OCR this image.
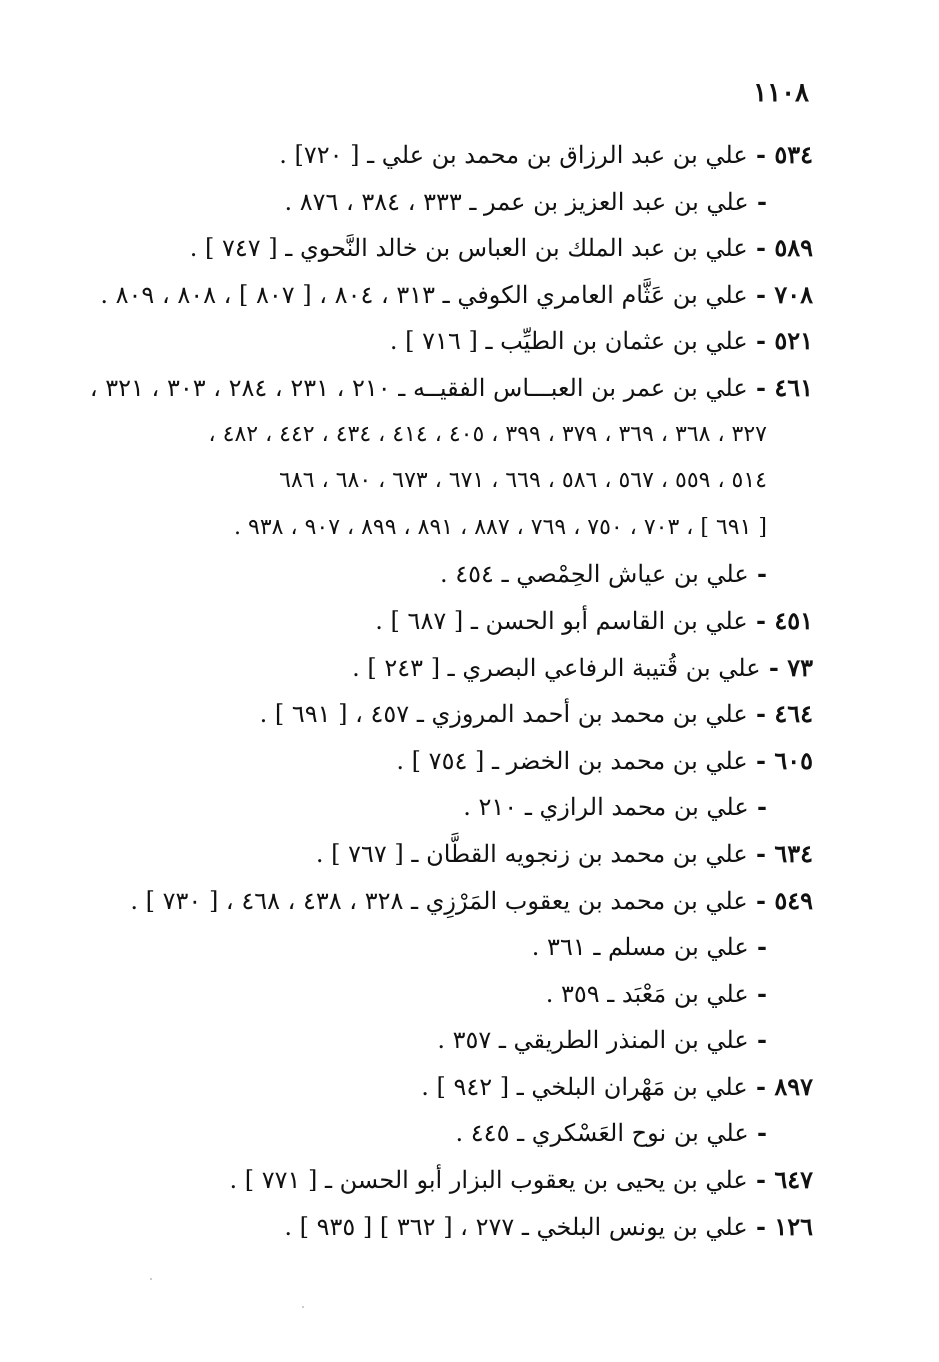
١١٠٨
٥٣٤ - علي بن عبد الرزاق بن محمد بن علي ـ [ ٧٢٠] .
- علي بن عبد العزيز بن عمر ـ ٣٣٣ ، ٣٨٤ ، ٨٧٦ .
٥٨٩ - علي بن عبد الملك بن العباس بن خالد النَّحوي ـ [ ٧٤٧ ] .
٧٠٨ - علي بن عَثَّام العامري الكوفي ـ ٣١٣ ، ٨٠٤ ، [ ٨٠٧ ] ، ٨٠٨ ، ٨٠٩ .
٥٢١ - علي بن عثمان بن الطيِّب ـ [ ٧١٦ ] .
٤٦١ - علي بن عمر بن العبـــاس الفقيــه ـ ٢١٠ ، ٢٣١ ، ٢٨٤ ، ٣٠٣ ، ٣٢١ ،
٣٢٧ ، ٣٦٨ ، ٣٦٩ ، ٣٧٩ ، ٣٩٩ ، ٤٠٥ ، ٤١٤ ، ٤٣٤ ، ٤٤٢ ، ٤٨٢ ،
٥١٤ ، ٥٥٩ ، ٥٦٧ ، ٥٨٦ ، ٦٦٩ ، ٦٧١ ، ٦٧٣ ، ٦٨٠ ، ٦٨٦
[ ٦٩١ ] ، ٧٠٣ ، ٧٥٠ ، ٧٦٩ ، ٨٨٧ ، ٨٩١ ، ٨٩٩ ، ٩٠٧ ، ٩٣٨ .
- علي بن عياش الحِمْصي ـ ٤٥٤ .
٤٥١ - علي بن القاسم أبو الحسن ـ [ ٦٨٧ ] .
٧٣ - علي بن قُتيبة الرفاعي البصري ـ [ ٢٤٣ ] .
٤٦٤ - علي بن محمد بن أحمد المروزي ـ ٤٥٧ ، [ ٦٩١ ] .
٦٠٥ - علي بن محمد بن الخضر ـ [ ٧٥٤ ] .
- علي بن محمد الرازي ـ ٢١٠ .
٦٣٤ - علي بن محمد بن زنجويه القطَّان ـ [ ٧٦٧ ] .
٥٤٩ - علي بن محمد بن يعقوب المَرْزِي ـ ٣٢٨ ، ٤٣٨ ، ٤٦٨ ، [ ٧٣٠ ] .
- علي بن مسلم ـ ٣٦١ .
- علي بن مَعْبَد ـ ٣٥٩ .
- علي بن المنذر الطريقي ـ ٣٥٧ .
٨٩٧ - علي بن مَهْران البلخي ـ [ ٩٤٢ ] .
- علي بن نوح العَسْكري ـ ٤٤٥ .
٦٤٧ - علي بن يحيى بن يعقوب البزار أبو الحسن ـ [ ٧٧١ ] .
١٢٦ - علي بن يونس البلخي ـ ٢٧٧ ، [ ٣٦٢ ] [ ٩٣٥ ] .
